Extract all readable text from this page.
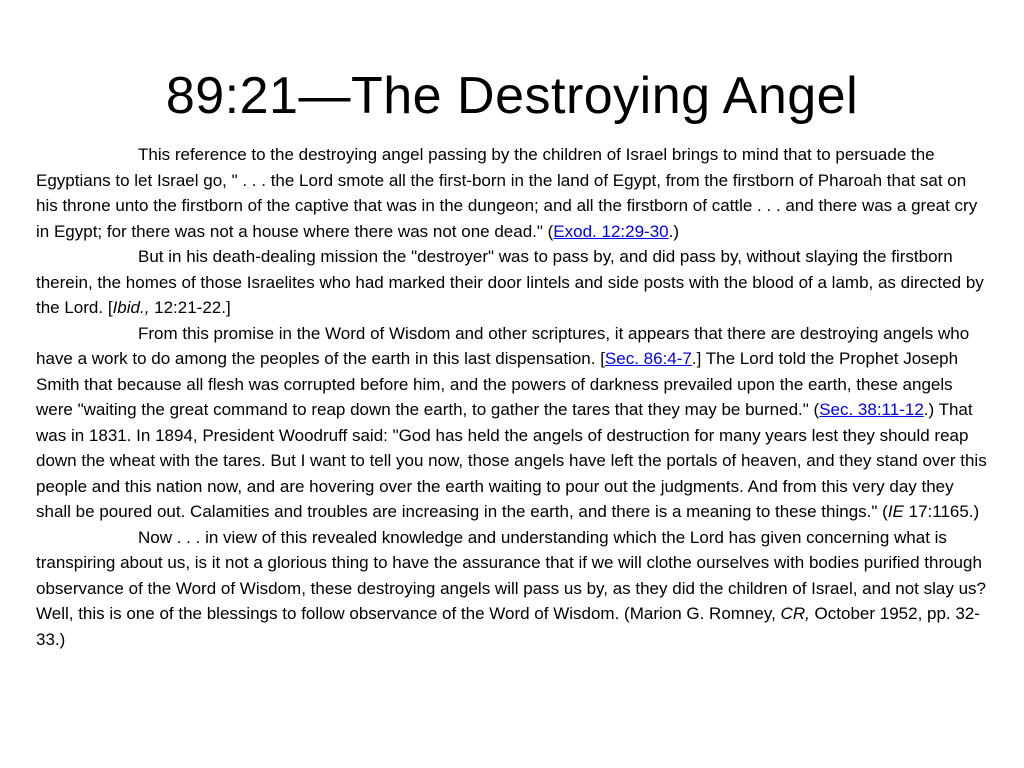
89:21—The Destroying Angel

This reference to the destroying angel passing by the children of Israel brings to mind that to persuade the Egyptians to let Israel go, " . . . the Lord smote all the first-born in the land of Egypt, from the firstborn of Pharoah that sat on his throne unto the firstborn of the captive that was in the dungeon; and all the firstborn of cattle . . . and there was a great cry in Egypt; for there was not a house where there was not one dead." (Exod. 12:29-30.)

But in his death-dealing mission the "destroyer" was to pass by, and did pass by, without slaying the firstborn therein, the homes of those Israelites who had marked their door lintels and side posts with the blood of a lamb, as directed by the Lord. [Ibid., 12:21-22.]

From this promise in the Word of Wisdom and other scriptures, it appears that there are destroying angels who have a work to do among the peoples of the earth in this last dispensation. [Sec. 86:4-7.] The Lord told the Prophet Joseph Smith that because all flesh was corrupted before him, and the powers of darkness prevailed upon the earth, these angels were "waiting the great command to reap down the earth, to gather the tares that they may be burned." (Sec. 38:11-12.) That was in 1831. In 1894, President Woodruff said: "God has held the angels of destruction for many years lest they should reap down the wheat with the tares. But I want to tell you now, those angels have left the portals of heaven, and they stand over this people and this nation now, and are hovering over the earth waiting to pour out the judgments. And from this very day they shall be poured out. Calamities and troubles are increasing in the earth, and there is a meaning to these things." (IE 17:1165.)

Now . . . in view of this revealed knowledge and understanding which the Lord has given concerning what is transpiring about us, is it not a glorious thing to have the assurance that if we will clothe ourselves with bodies purified through observance of the Word of Wisdom, these destroying angels will pass us by, as they did the children of Israel, and not slay us? Well, this is one of the blessings to follow observance of the Word of Wisdom. (Marion G. Romney, CR, October 1952, pp. 32-33.)
